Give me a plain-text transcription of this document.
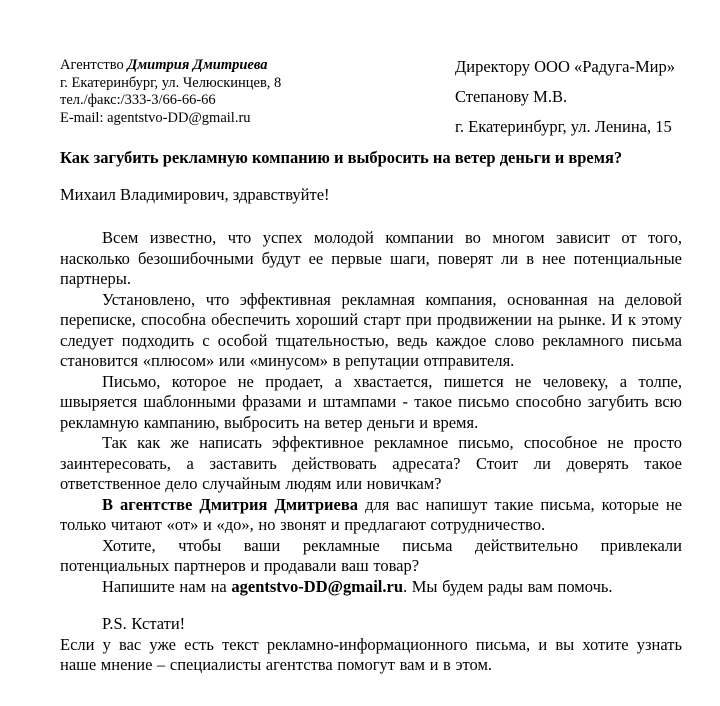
Агентство Дмитрия Дмитриева
г. Екатеринбург, ул. Челюскинцев, 8
тел./факс:/333-3/66-66-66
E-mail: agentstvo-DD@gmail.ru
Директору ООО «Радуга-Мир»
Степанову М.В.
г. Екатеринбург, ул. Ленина, 15
Как загубить рекламную компанию и выбросить на ветер деньги и время?
Михаил Владимирович, здравствуйте!

Всем известно, что успех молодой компании во многом зависит от того, насколько безошибочными будут ее первые шаги, поверят ли в нее потенциальные партнеры.

Установлено, что эффективная рекламная компания, основанная на деловой переписке, способна обеспечить хороший старт при продвижении на рынке. И к этому следует подходить с особой тщательностью, ведь каждое слово рекламного письма становится «плюсом» или «минусом» в репутации отправителя.

Письмо, которое не продает, а хвастается, пишется не человеку, а толпе, швыряется шаблонными фразами и штампами - такое письмо способно загубить всю рекламную кампанию, выбросить на ветер деньги и время.

Так как же написать эффективное рекламное письмо, способное не просто заинтересовать, а заставить действовать адресата? Стоит ли доверять такое ответственное дело случайным людям или новичкам?

В агентстве Дмитрия Дмитриева для вас напишут такие письма, которые не только читают «от» и «до», но звонят и предлагают сотрудничество.

Хотите, чтобы ваши рекламные письма действительно привлекали потенциальных партнеров и продавали ваш товар?

Напишите нам на agentstvo-DD@gmail.ru. Мы будем рады вам помочь.

P.S. Кстати!

Если у вас уже есть текст рекламно-информационного письма, и вы хотите узнать наше мнение – специалисты агентства помогут вам и в этом.
